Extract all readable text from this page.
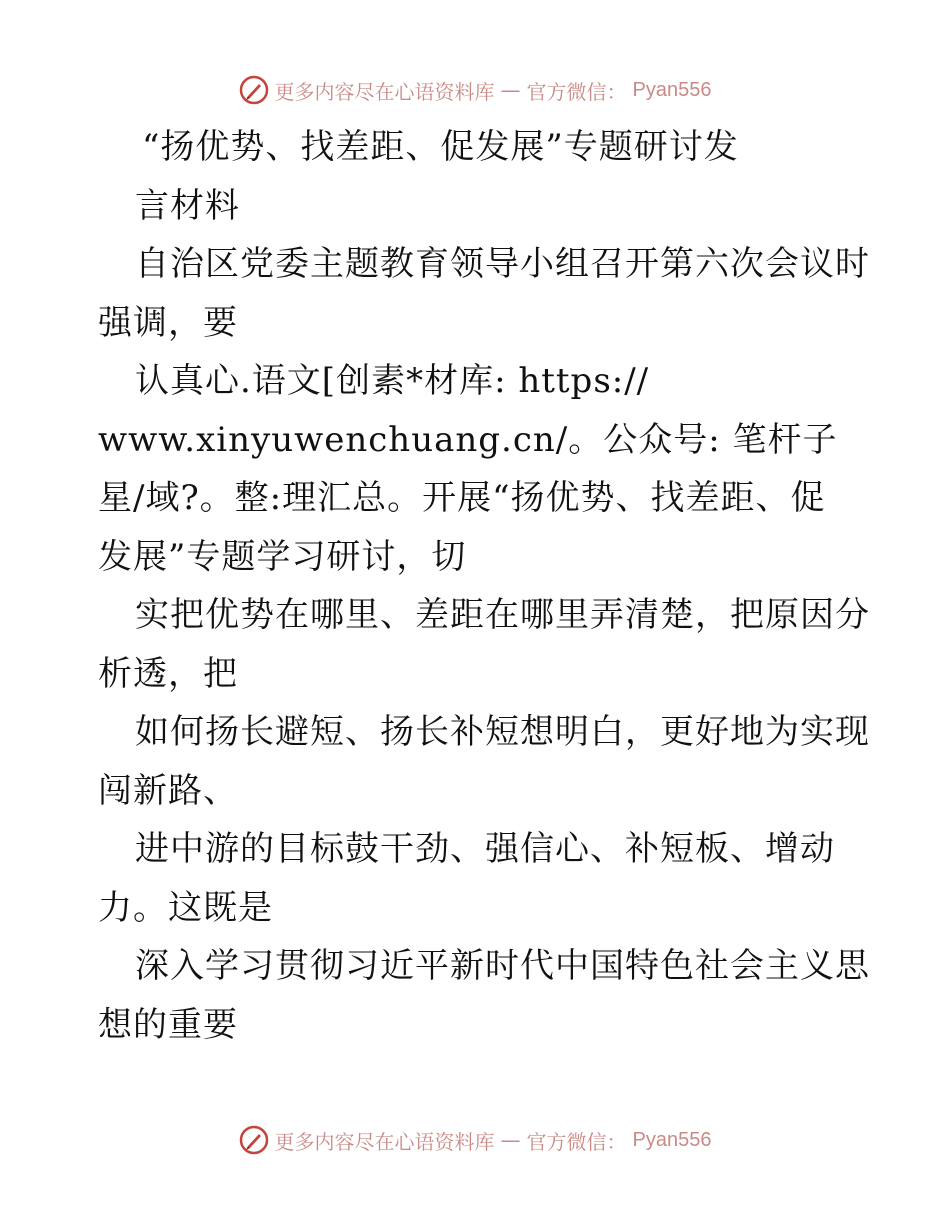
更多内容尽在心语资料库 — 官方微信： Pyan556
“扬优势、找差距、促发展”专题研讨发
言材料
自治区党委主题教育领导小组召开第六次会议时
强调，要
认真心.语文[创素*材库: https://
www.xinyuwenchuang.cn/。公众号: 笔杆子
星/域?。整:理汇总。开展“扬优势、找差距、促
发展”专题学习研讨，切
实把优势在哪里、差距在哪里弄清楚，把原因分
析透，把
如何扬长避短、扬长补短想明白，更好地为实现
闯新路、
进中游的目标鼓干劲、强信心、补短板、增动
力。这既是
深入学习贯彻习近平新时代中国特色社会主义思
想的重要
更多内容尽在心语资料库 — 官方微信： Pyan556
